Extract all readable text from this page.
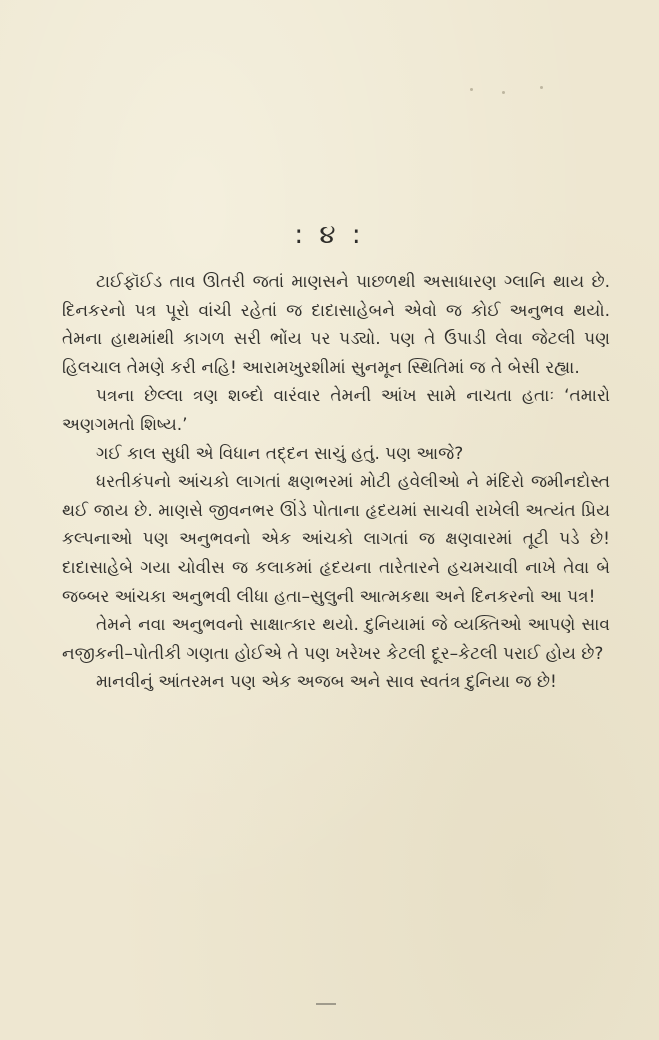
: ૪ :

ટાઈફૉઈડ તાવ ઊતરી જતાં માણસને પાછળથી અસાધારણ ગ્લાનિ થાય છે. દિનકરનો પત્ર પૂરો વાંચી રહેતાં જ દાદાસાહેબને એવો જ કોઈ અનુભવ થયો. તેમના હાથમાંથી કાગળ સરી ભોંય પર પડ્યો. પણ તે ઉપાડી લેવા જેટલી પણ હિલચાલ તેમણે કરી નહિ! આરામખુરશીમાં સુનમૂન સ્થિતિમાં જ તે બેસી રહ્યા.

પત્રના છેલ્લા ત્રણ શબ્દો વારંવાર તેમની આંખ સામે નાચતા હતાઃ ‘તમારો અણગમતો શિષ્ય.’

ગઈ કાલ સુધી એ વિધાન તદ્દન સાચું હતું. પણ આજે?

ધરતીકંપનો આંચકો લાગતાં ક્ષણભરમાં મોટી હવેલીઓ ને મંદિરો જમીનદોસ્ત થઈ જાય છે. માણસે જીવનભર ઊંડે પોતાના હૃદયમાં સાચવી રાખેલી અત્યંત પ્રિય કલ્પનાઓ પણ અનુભવનો એક આંચકો લાગતાં જ ક્ષણવારમાં તૂટી પડે છે! દાદાસાહેબે ગયા ચોવીસ જ કલાકમાં હૃદયના તારેતારને હચમચાવી નાખે તેવા બે જબ્બર આંચકા અનુભવી લીધા હતા–સુલુની આત્મકથા અને દિનકરનો આ પત્ર!

તેમને નવા અનુભવનો સાક્ષાત્કાર થયો. દુનિયામાં જે વ્યક્તિઓ આપણે સાવ નજીકની–પોતીકી ગણતા હોઈએ તે પણ ખરેખર કેટલી દૂર–કેટલી પરાઈ હોય છે?

માનવીનું આંતરમન પણ એક અજબ અને સાવ સ્વતંત્ર દુનિયા જ છે!
